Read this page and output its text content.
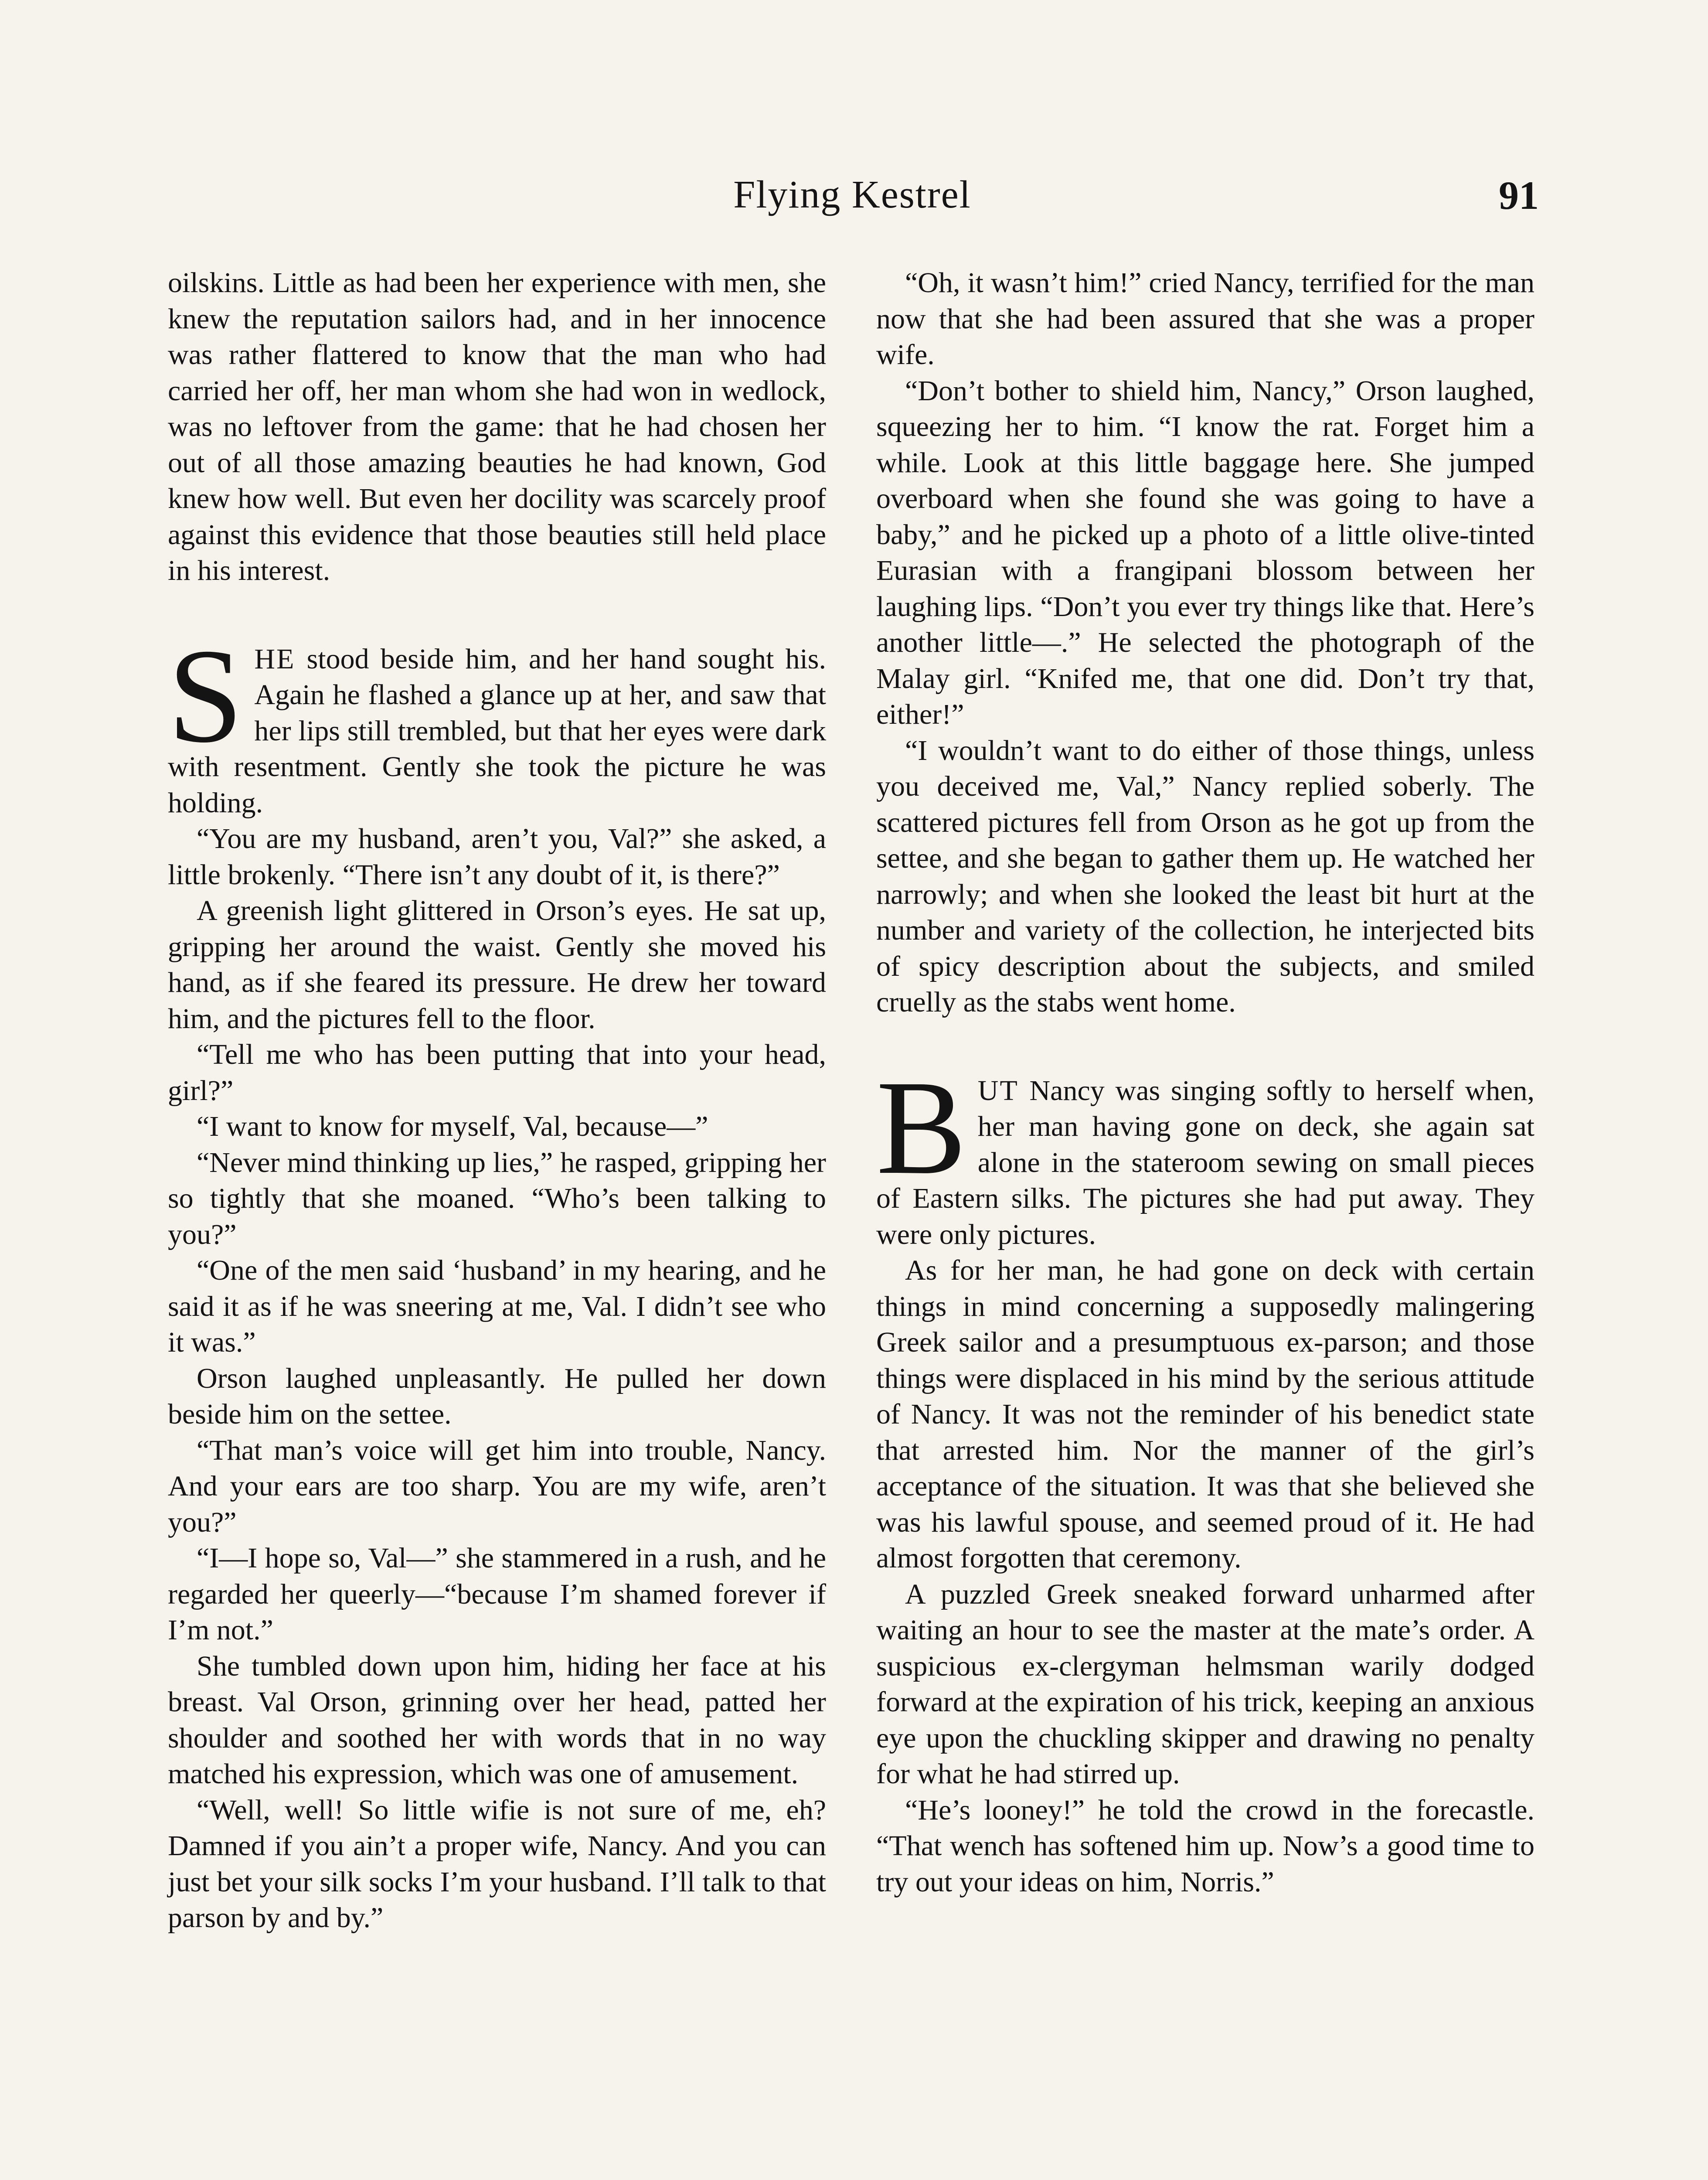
Flying Kestrel	91

oilskins. Little as had been her experience with men, she knew the reputation sailors had, and in her innocence was rather flattered to know that the man who had carried her off, her man whom she had won in wedlock, was no leftover from the game: that he had chosen her out of all those amazing beauties he had known, God knew how well. But even her docility was scarcely proof against this evidence that those beauties still held place in his interest.

SHE stood beside him, and her hand sought his. Again he flashed a glance up at her, and saw that her lips still trembled, but that her eyes were dark with resentment. Gently she took the picture he was holding.

“You are my husband, aren’t you, Val?” she asked, a little brokenly. “There isn’t any doubt of it, is there?”

A greenish light glittered in Orson’s eyes. He sat up, gripping her around the waist. Gently she moved his hand, as if she feared its pressure. He drew her toward him, and the pictures fell to the floor.

“Tell me who has been putting that into your head, girl?”

“I want to know for myself, Val, because—”

“Never mind thinking up lies,” he rasped, gripping her so tightly that she moaned. “Who’s been talking to you?”

“One of the men said ‘husband’ in my hearing, and he said it as if he was sneering at me, Val. I didn’t see who it was.”

Orson laughed unpleasantly. He pulled her down beside him on the settee.

“That man’s voice will get him into trouble, Nancy. And your ears are too sharp. You are my wife, aren’t you?”

“I—I hope so, Val—” she stammered in a rush, and he regarded her queerly—“because I’m shamed forever if I’m not.”

She tumbled down upon him, hiding her face at his breast. Val Orson, grinning over her head, patted her shoulder and soothed her with words that in no way matched his expression, which was one of amusement.

“Well, well! So little wifie is not sure of me, eh? Damned if you ain’t a proper wife, Nancy. And you can just bet your silk socks I’m your husband. I’ll talk to that parson by and by.”

“Oh, it wasn’t him!” cried Nancy, terrified for the man now that she had been assured that she was a proper wife.

“Don’t bother to shield him, Nancy,” Orson laughed, squeezing her to him. “I know the rat. Forget him a while. Look at this little baggage here. She jumped overboard when she found she was going to have a baby,” and he picked up a photo of a little olive-tinted Eurasian with a frangipani blossom between her laughing lips. “Don’t you ever try things like that. Here’s another little—.” He selected the photograph of the Malay girl. “Knifed me, that one did. Don’t try that, either!”

“I wouldn’t want to do either of those things, unless you deceived me, Val,” Nancy replied soberly. The scattered pictures fell from Orson as he got up from the settee, and she began to gather them up. He watched her narrowly; and when she looked the least bit hurt at the number and variety of the collection, he interjected bits of spicy description about the subjects, and smiled cruelly as the stabs went home.

BUT Nancy was singing softly to herself when, her man having gone on deck, she again sat alone in the stateroom sewing on small pieces of Eastern silks. The pictures she had put away. They were only pictures.

As for her man, he had gone on deck with certain things in mind concerning a supposedly malingering Greek sailor and a presumptuous ex-parson; and those things were displaced in his mind by the serious attitude of Nancy. It was not the reminder of his benedict state that arrested him. Nor the manner of the girl’s acceptance of the situation. It was that she believed she was his lawful spouse, and seemed proud of it. He had almost forgotten that ceremony.

A puzzled Greek sneaked forward unharmed after waiting an hour to see the master at the mate’s order. A suspicious ex-clergyman helmsman warily dodged forward at the expiration of his trick, keeping an anxious eye upon the chuckling skipper and drawing no penalty for what he had stirred up.

“He’s looney!” he told the crowd in the forecastle. “That wench has softened him up. Now’s a good time to try out your ideas on him, Norris.”
